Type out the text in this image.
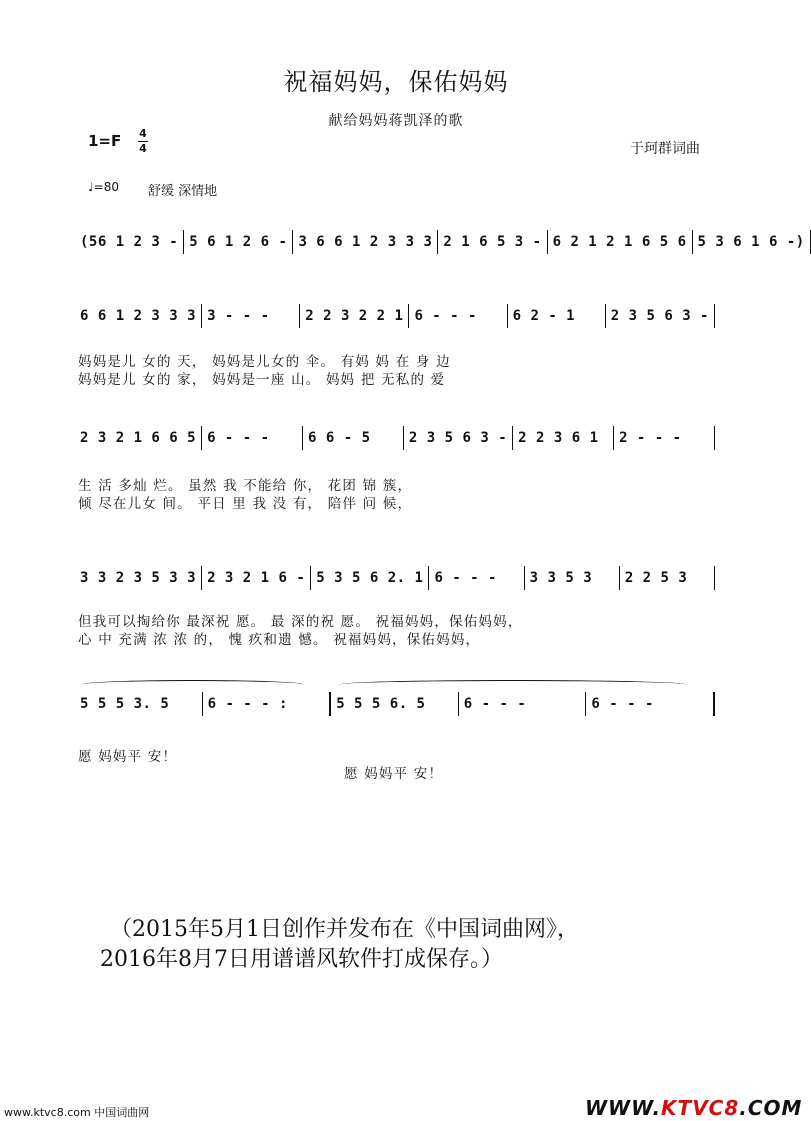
祝福妈妈，保佑妈妈
献给妈妈蒋凯泽的歌
于珂群词曲
1=F 4
4
♩=80 舒缓 深情地
(56 1 2 3 - 5 6 1 2 6 - 3 6 6 1 2 3 3 3 2 1 6 5 3 - 6 2 1 2 1 6 5 6 5 3 6 1 6 -)
6 6 1 2 3 3 3 3 - - -	2 2 3 2 2 1 6 - - -	6 2 - 1	2 3 5 6 3 -
妈妈是儿 女的 天， 妈妈是儿女的 伞。 有妈 妈 在 身 边
妈妈是儿 女的 家， 妈妈是一座 山。 妈妈 把 无私的 爱
2 3 2 1 6 6 5 6 - - -	6 6 - 5	2 3 5 6 3 - 2 2 3 6 1	2 - - -
生 活 多灿 烂。 虽然 我 不能给 你， 花团 锦 簇，
倾 尽在儿女 间。 平日 里 我 没 有， 陪伴 问 候，
3 3 2 3 5 3 3 2 3 2 1 6 - 5 3 5 6 2. 1 6 - - -	3 3 5 3	2 2 5 3
但我可以掏给你 最深祝 愿。 最 深的祝 愿。 祝福妈妈，保佑妈妈，
心 中 充满 浓 浓 的， 愧 疚和遗 憾。 祝福妈妈，保佑妈妈，
5 5 5 3. 5	6 - - - :	5 5 5 6. 5	6 - - -	6 - - -
愿 妈妈平 安！
愿 妈妈平 安！
（2015年5月1日创作并发布在《中国词曲网》，
2016年8月7日用谱谱风软件打成保存。）
www.ktvc8.com 中国词曲网	WWW.KTVC8.COM
